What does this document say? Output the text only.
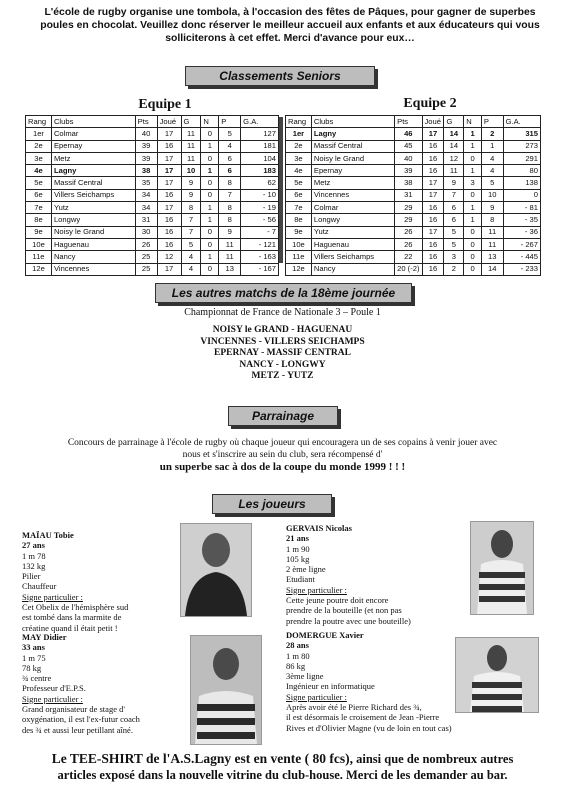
L'école de rugby organise une tombola, à l'occasion des fêtes de Pâques, pour gagner de superbes poules en chocolat. Veuillez donc réserver le meilleur accueil aux enfants et aux éducateurs qui vous solliciterons à cet effet. Merci d'avance pour eux…
Classements Seniors
Equipe 1	Equipe 2
Rang	Clubs	Pts	Joué	G	N	P	G.A.
1er	Colmar	40	17	11	0	5	127
2e	Epernay	39	16	11	1	4	181
3e	Metz	39	17	11	0	6	104
4e	Lagny	38	17	10	1	6	183
5e	Massif Central	35	17	9	0	8	62
6e	Villers Seichamps	34	16	9	0	7	- 10
7e	Yutz	34	17	8	1	8	- 19
8e	Longwy	31	16	7	1	8	- 56
9e	Noisy le Grand	30	16	7	0	9	- 7
10e	Haguenau	26	16	5	0	11	- 121
11e	Nancy	25	12	4	1	11	- 163
12e	Vincennes	25	17	4	0	13	- 167
Rang	Clubs	Pts	Joué	G	N	P	G.A.
1er	Lagny	46	17	14	1	2	315
2e	Massif Central	45	16	14	1	1	273
3e	Noisy le Grand	40	16	12	0	4	291
4e	Epernay	39	16	11	1	4	80
5e	Metz	38	17	9	3	5	138
6e	Vincennes	31	17	7	0	10	0
7e	Colmar	29	16	6	1	9	- 81
8e	Longwy	29	16	6	1	8	- 35
9e	Yutz	26	17	5	0	11	- 36
10e	Haguenau	26	16	5	0	11	- 267
11e	Villers Seichamps	22	16	3	0	13	- 445
12e	Nancy	20 (-2)	16	2	0	14	- 233
Les autres matchs de la 18ème journée
Championnat de France de Nationale 3 – Poule 1
NOISY le GRAND - HAGUENAU
VINCENNES - VILLERS SEICHAMPS
EPERNAY - MASSIF CENTRAL
NANCY - LONGWY
METZ - YUTZ
Parrainage
Concours de parrainage à l'école de rugby où chaque joueur qui encouragera un de ses copains à venir jouer avec
nous et s'inscrire au sein du club, sera récompensé d'
un superbe sac à dos de la coupe du monde 1999 ! ! !
Les joueurs
MAÏAU Tobie
27 ans
1 m 78
132 kg
Pilier
Chauffeur
Signe particulier :
Cet Obelix de l'hémisphère sud
est tombé dans la marmite de
créatine quand il était petit !
GERVAIS Nicolas
21 ans
1 m 90
105 kg
2 ème ligne
Etudiant
Signe particulier :
Cette jeune poutre doit encore
prendre de la bouteille (et non pas
prendre la poutre avec une bouteille)
MAY Didier
33 ans
1 m 75
78 kg
¾ centre
Professeur d'E.P.S.
Signe particulier :
Grand organisateur de stage d'
oxygénation, il est l'ex-futur coach
des ¾ et aussi leur petillant aîné.
DOMERGUE Xavier
28 ans
1 m 80
86 kg
3ème ligne
Ingénieur en informatique
Signe particulier :
Après avoir été le Pierre Richard des ¾,
il est désormais le croisement de Jean -Pierre
Rives et d'Olivier Magne (vu de loin en tout cas)
Le TEE-SHIRT de l'A.S.Lagny est en vente ( 80 fcs), ainsi que de nombreux autres
articles exposé dans la nouvelle vitrine du club-house. Merci de les demander au bar.
